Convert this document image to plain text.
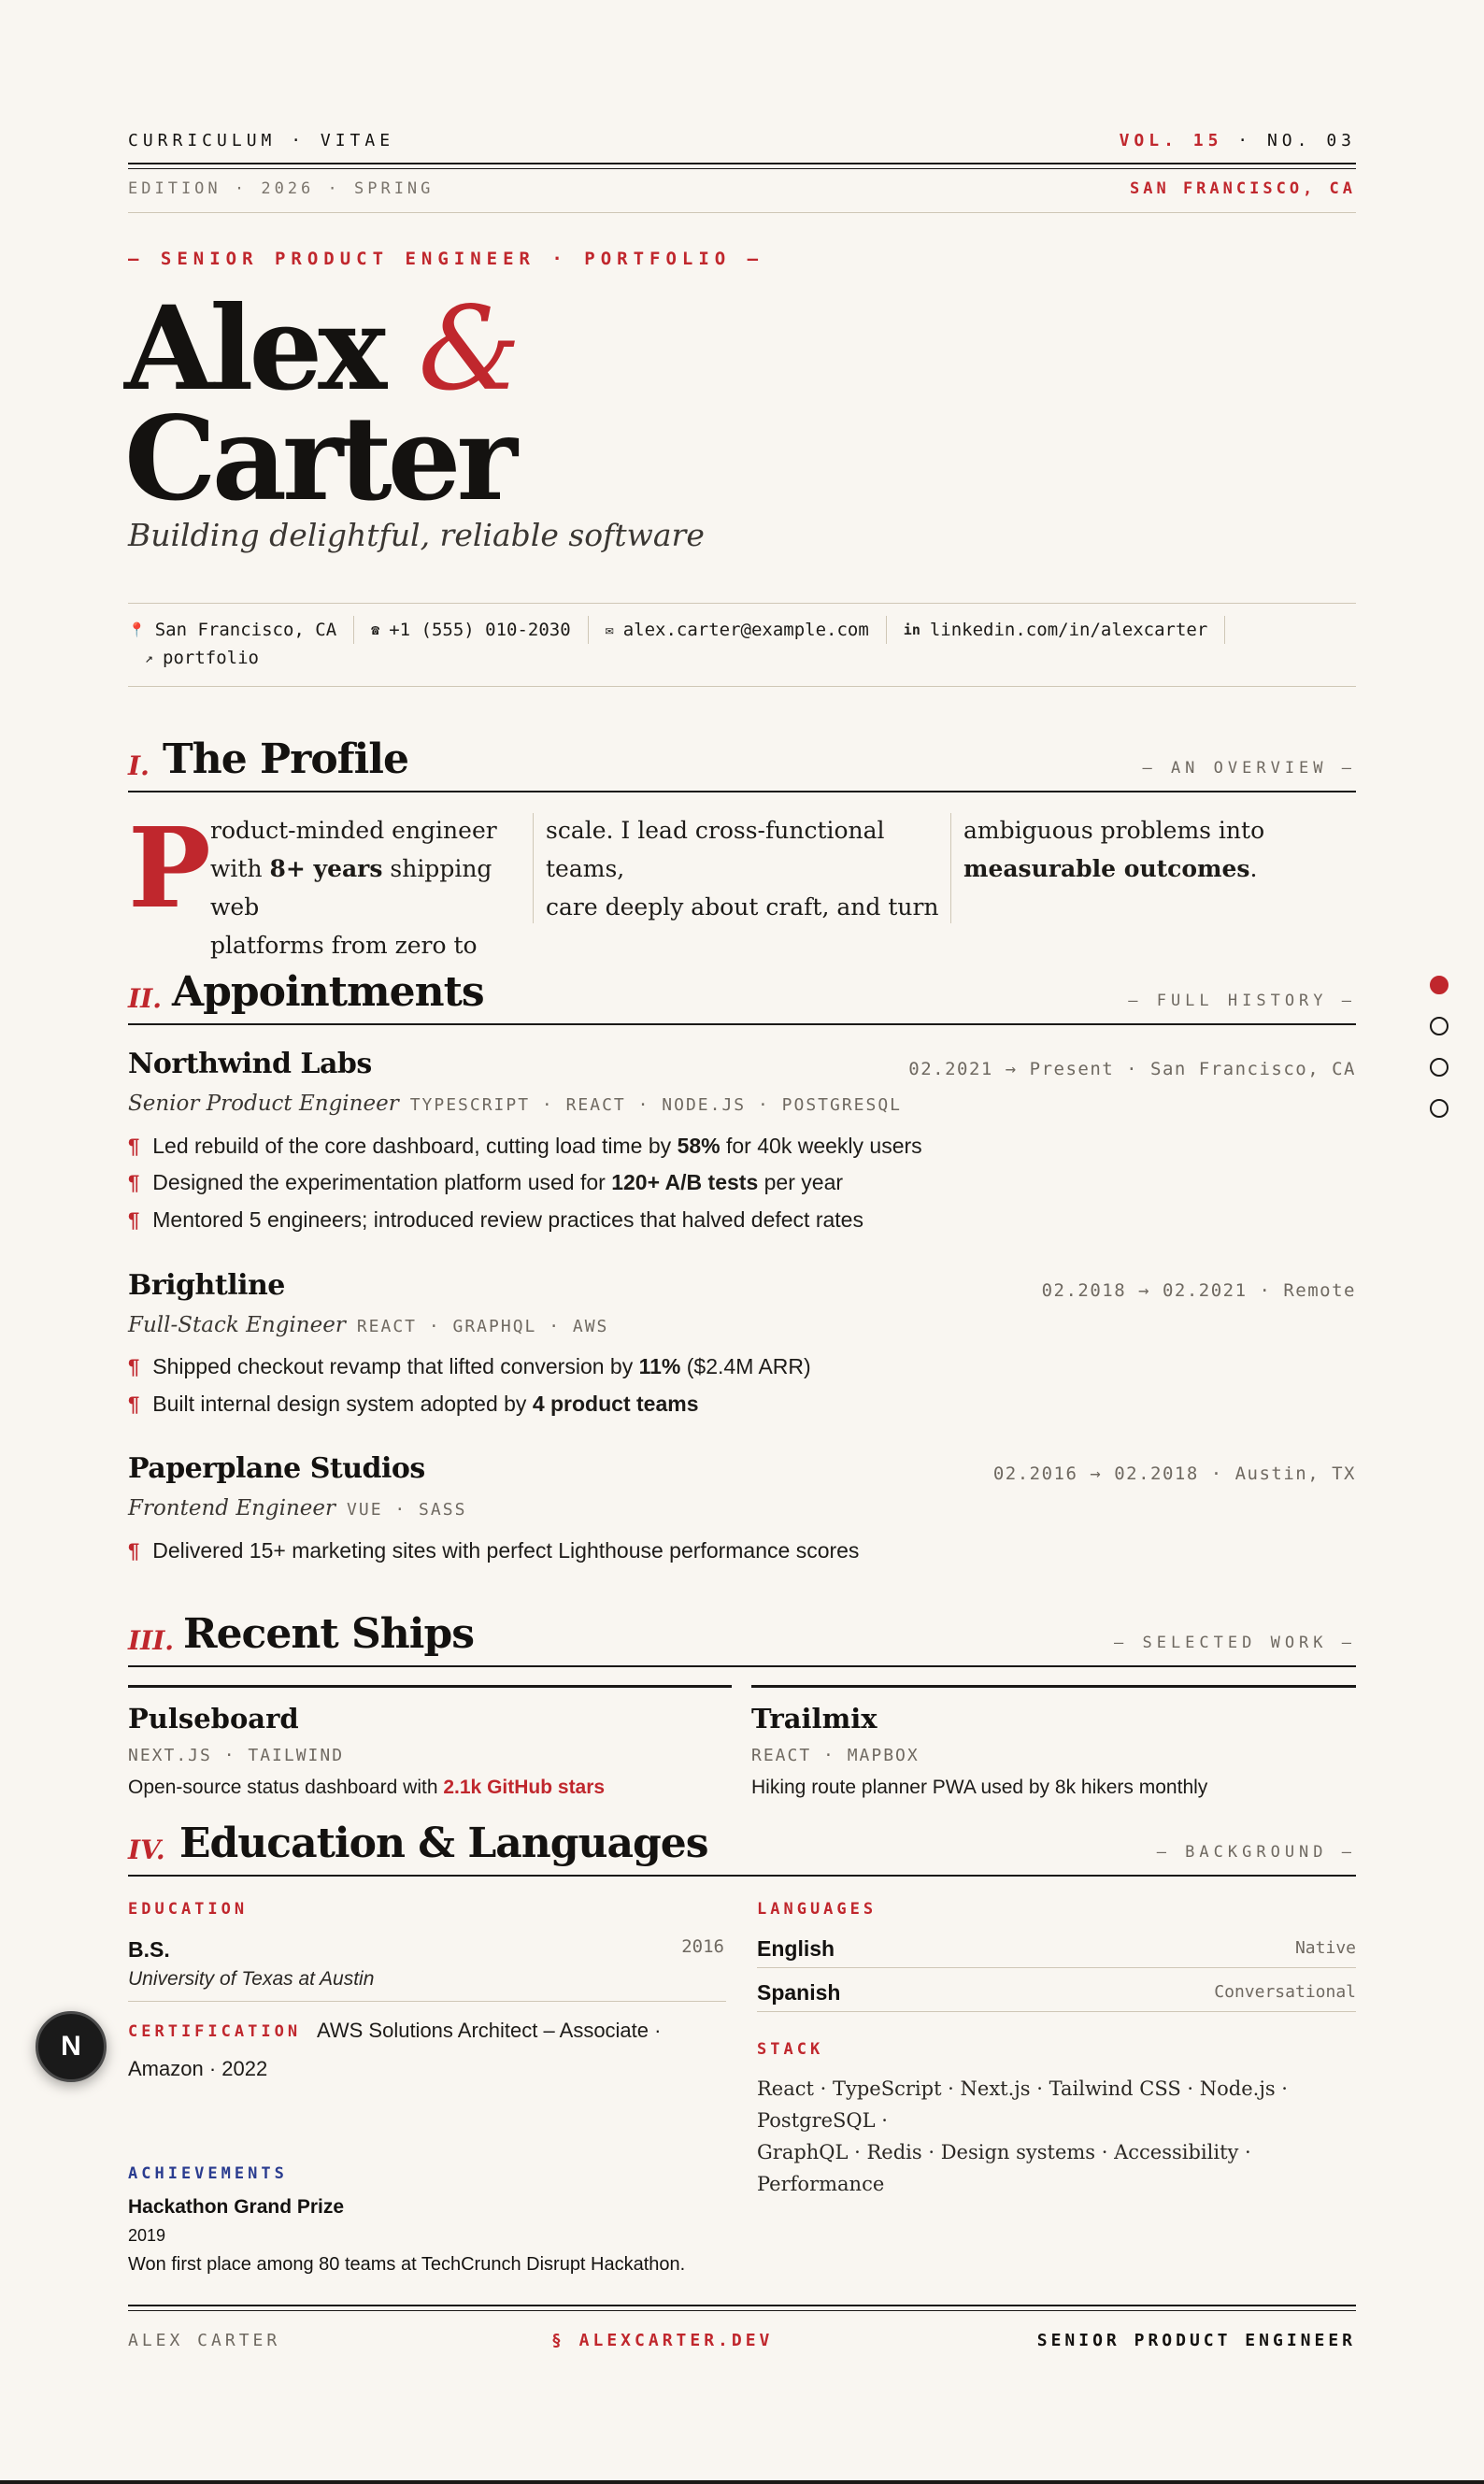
CURRICULUM · VITAE	VOL. 15 · NO. 03
EDITION · 2026 · SPRING	SAN FRANCISCO, CA
— SENIOR PRODUCT ENGINEER · PORTFOLIO —
Alex &
Carter
Building delightful, reliable software
📍 San Francisco, CA ☎ +1 (555) 010-2030 ✉ alex.carter@example.com in linkedin.com/in/alexcarter
↗ portfolio
I. The Profile	— AN OVERVIEW —
P roduct-minded engineer
with 8+ years shipping web
platforms from zero to
scale. I lead cross-functional teams,
care deeply about craft, and turn
ambiguous problems into
measurable outcomes.
II. Appointments	— FULL HISTORY —
Northwind Labs	02.2021 → Present · San Francisco, CA
Senior Product Engineer TYPESCRIPT · REACT · NODE.JS · POSTGRESQL
¶ Led rebuild of the core dashboard, cutting load time by 58% for 40k weekly users
¶ Designed the experimentation platform used for 120+ A/B tests per year
¶ Mentored 5 engineers; introduced review practices that halved defect rates
Brightline	02.2018 → 02.2021 · Remote
Full-Stack Engineer REACT · GRAPHQL · AWS
¶ Shipped checkout revamp that lifted conversion by 11% ($2.4M ARR)
¶ Built internal design system adopted by 4 product teams
Paperplane Studios	02.2016 → 02.2018 · Austin, TX
Frontend Engineer VUE · SASS
¶ Delivered 15+ marketing sites with perfect Lighthouse performance scores
III. Recent Ships	— SELECTED WORK —
Pulseboard
NEXT.JS · TAILWIND
Open-source status dashboard with 2.1k GitHub stars
Trailmix
REACT · MAPBOX
Hiking route planner PWA used by 8k hikers monthly
IV. Education & Languages	— BACKGROUND —
EDUCATION
B.S.	2016
University of Texas at Austin
CERTIFICATION AWS Solutions Architect – Associate ·
Amazon · 2022
LANGUAGES
English	Native
Spanish	Conversational
STACK
React · TypeScript · Next.js · Tailwind CSS · Node.js · PostgreSQL ·
GraphQL · Redis · Design systems · Accessibility · Performance
ACHIEVEMENTS
Hackathon Grand Prize
2019
Won first place among 80 teams at TechCrunch Disrupt Hackathon.
ALEX CARTER	§ ALEXCARTER.DEV	SENIOR PRODUCT ENGINEER
N
